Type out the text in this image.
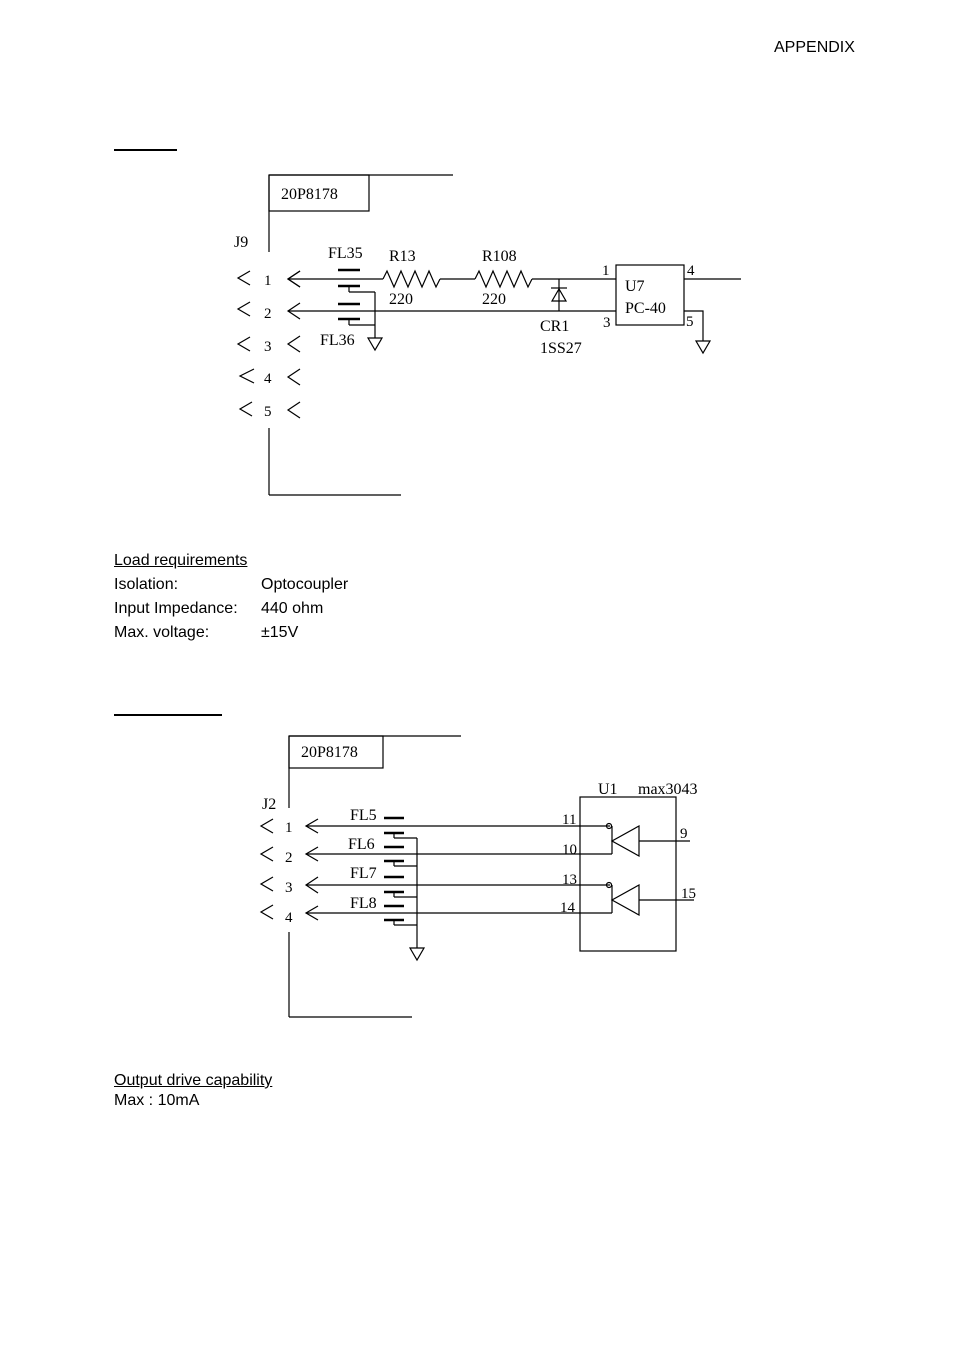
APPENDIX
20P8178
J9
1
2
3
4
5
FL35
FL36
R13
220
R108
220
CR1
1SS27
U7
PC-40
1
3
4
5
Load requirements
Isolation:	Optocoupler
Input Impedance:	440 ohm
Max. voltage:	±15V
20P8178
J2
1
2
3
4
FL5
FL6
FL7
FL8
U1 max3043
11
10
13
14
9
15
Output drive capability
Max : 10mA
